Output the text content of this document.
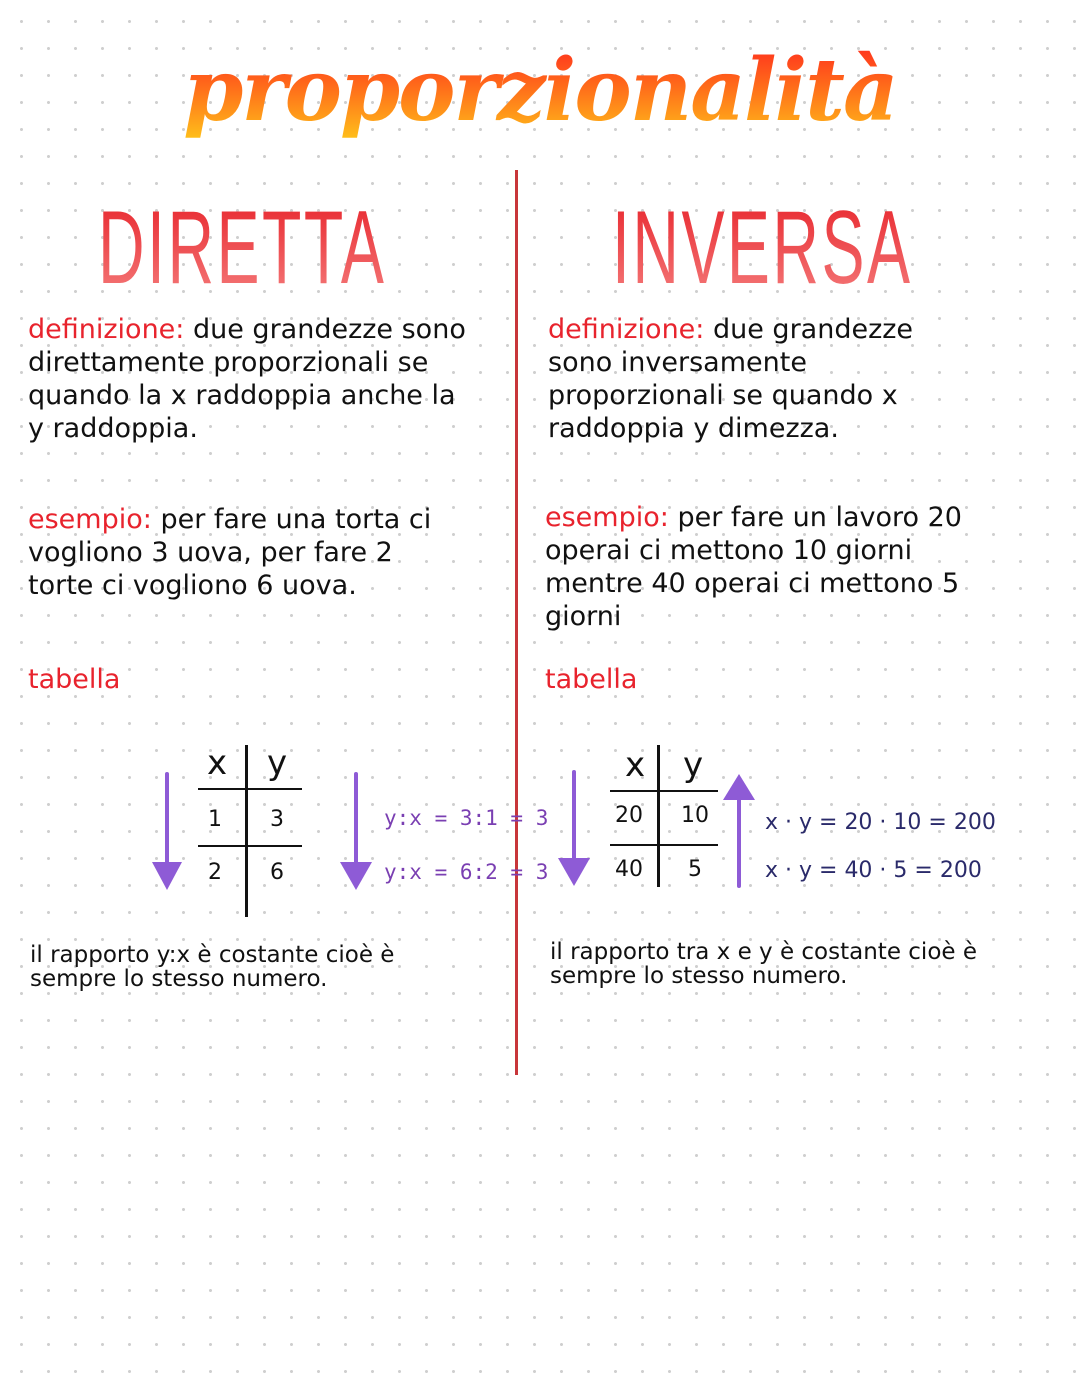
proporzionalità
DIRETTA INVERSA
definizione: due grandezze sono direttamente proporzionali se quando la x raddoppia anche la y raddoppia.
esempio: per fare una torta ci vogliono 3 uova, per fare 2 torte ci vogliono 6 uova.
tabella
x	y
1	3
2	6
y:x = 3:1 = 3
y:x = 6:2 = 3
il rapporto y:x è costante cioè è sempre lo stesso numero.
definizione: due grandezze sono inversamente proporzionali se quando x raddoppia y dimezza.
esempio: per fare un lavoro 20 operai ci mettono 10 giorni mentre 40 operai ci mettono 5 giorni
tabella
x	y
20	10
40	5
x · y = 20 · 10 = 200
x · y = 40 · 5 = 200
il rapporto tra x e y è costante cioè è sempre lo stesso numero.
